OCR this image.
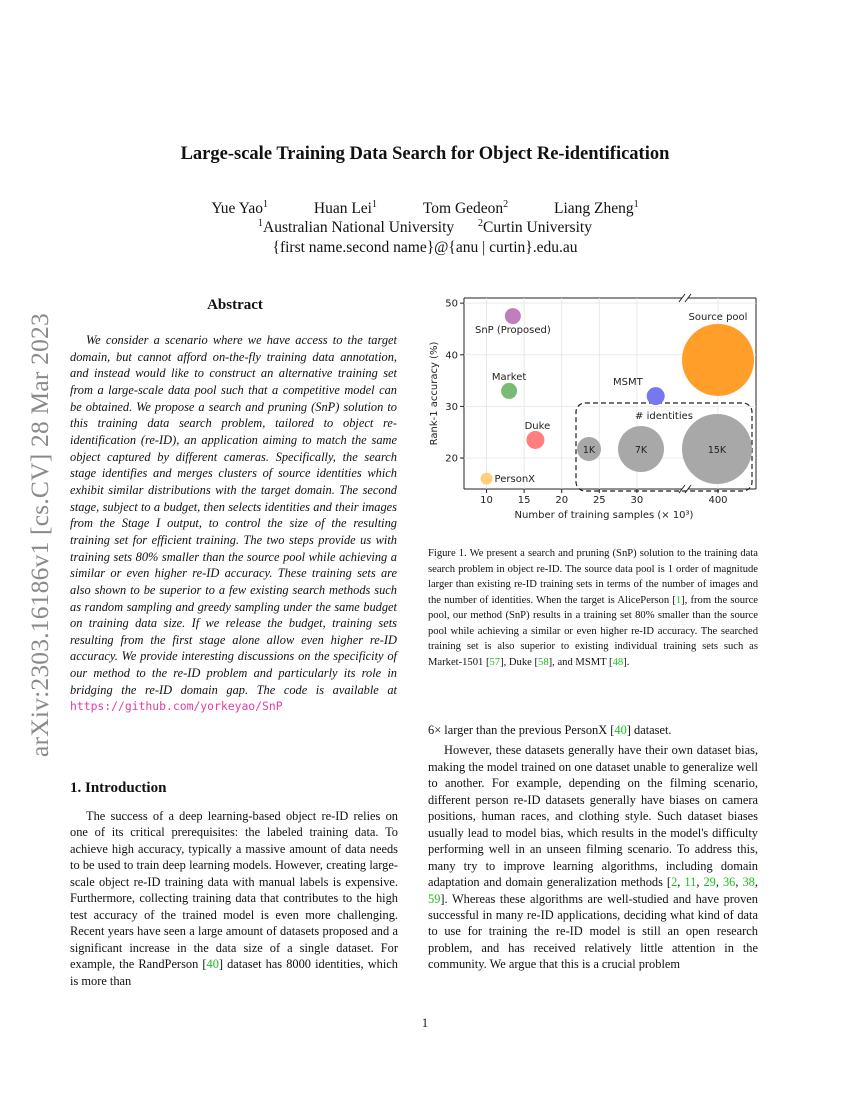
arXiv:2303.16186v1 [cs.CV] 28 Mar 2023
Large-scale Training Data Search for Object Re-identification
Yue Yao$^1$	Huan Lei$^1$	Tom Gedeon$^2$	Liang Zheng$^1$
$^1$Australian National University $^2$Curtin University
{first name.second name}@{anu | curtin}.edu.au
Abstract
We consider a scenario where we have access to the target domain, but cannot afford on-the-fly training data annotation, and instead would like to construct an alternative training set from a large-scale data pool such that a competitive model can be obtained. We propose a search and pruning (SnP) solution to this training data search problem, tailored to object re-identification (re-ID), an application aiming to match the same object captured by different cameras. Specifically, the search stage identifies and merges clusters of source identities which exhibit similar distributions with the target domain. The second stage, subject to a budget, then selects identities and their images from the Stage I output, to control the size of the resulting training set for efficient training. The two steps provide us with training sets 80% smaller than the source pool while achieving a similar or even higher re-ID accuracy. These training sets are also shown to be superior to a few existing search methods such as random sampling and greedy sampling under the same budget on training data size. If we release the budget, training sets resulting from the first stage alone allow even higher re-ID accuracy. We provide interesting discussions on the specificity of our method to the re-ID problem and particularly its role in bridging the re-ID domain gap. The code is available at https://github.com/yorkeyao/SnP
1. Introduction
The success of a deep learning-based object re-ID relies on one of its critical prerequisites: the labeled training data. To achieve high accuracy, typically a massive amount of data needs to be used to train deep learning models. However, creating large-scale object re-ID training data with manual labels is expensive. Furthermore, collecting training data that contributes to the high test accuracy of the trained model is even more challenging. Recent years have seen a large amount of datasets proposed and a significant increase in the data size of a single dataset. For example, the RandPerson [40] dataset has 8000 identities, which is more than
20
30
40
50
10 15 20 25 30	400
Number of training samples (× 10³)
Rank-1 accuracy (%)	# identities
1K	7K	15K
SnP (Proposed)
Market	MSMT
Duke
PersonX
Source pool
Figure 1. We present a search and pruning (SnP) solution to the training data search problem in object re-ID. The source data pool is 1 order of magnitude larger than existing re-ID training sets in terms of the number of images and the number of identities. When the target is AlicePerson [1], from the source pool, our method (SnP) results in a training set 80% smaller than the source pool while achieving a similar or even higher re-ID accuracy. The searched training set is also superior to existing individual training sets such as Market-1501 [57], Duke [58], and MSMT [48].

6× larger than the previous PersonX [40] dataset.

However, these datasets generally have their own dataset bias, making the model trained on one dataset unable to generalize well to another. For example, depending on the filming scenario, different person re-ID datasets generally have biases on camera positions, human races, and clothing style. Such dataset biases usually lead to model bias, which results in the model's difficulty performing well in an unseen filming scenario. To address this, many try to improve learning algorithms, including domain adaptation and domain generalization methods [2, 11, 29, 36, 38, 59]. Whereas these algorithms are well-studied and have proven successful in many re-ID applications, deciding what kind of data to use for training the re-ID model is still an open research problem, and has received relatively little attention in the community. We argue that this is a crucial problem

1
